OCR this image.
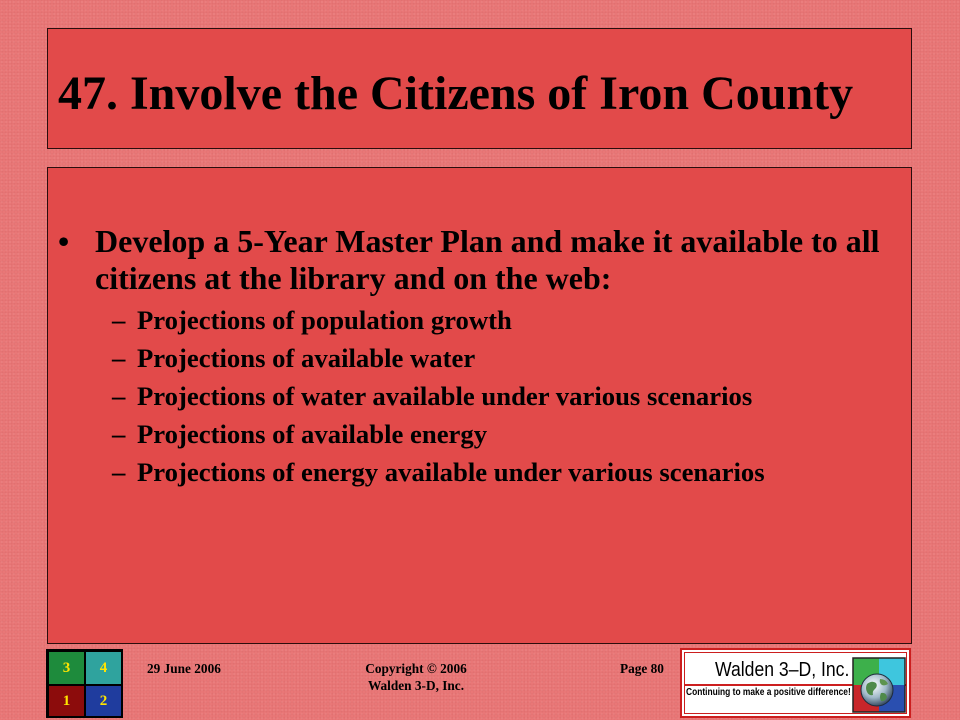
47. Involve the Citizens of Iron County
• Develop a 5-Year Master Plan and make it available to all citizens at the library and on the web:

– Projections of population growth
– Projections of available water
– Projections of water available under various scenarios
– Projections of available energy
– Projections of energy available under various scenarios
3	4
1	2
29 June 2006	Copyright © 2006
Walden 3-D, Inc.
Page 80	Walden 3–D, Inc.
Continuing to make a positive difference!
